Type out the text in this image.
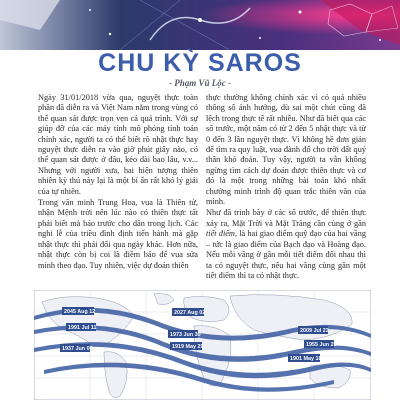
CHU KỲ SAROS
- Phạm Vũ Lộc -

Ngày 31/01/2018 vừa qua, nguyệt thực toàn phần đã diễn ra và Việt Nam nằm trong vùng có thể quan sát được trọn vẹn cả quá trình. Với sự giúp đỡ của các máy tính mô phỏng tính toán chính xác, người ta có thể biết rõ nhật thực hay nguyệt thực diễn ra vào giờ phút giây nào, có thể quan sát được ở đâu, kéo dài bao lâu, v.v... Nhưng với người xưa, hai hiện tượng thiên nhiên kỳ thú này lại là một bí ẩn rất khó lý giải của tự nhiên.

Trong văn minh Trung Hoa, vua là Thiên tử, nhận Mệnh trời nên lúc nào có thiên thực tất phải biết mà báo trước cho dân trong lịch. Các nghi lễ của triều đình định tiến hành mà gặp nhật thực thì phải đổi qua ngày khác. Hơn nữa, nhật thực còn bị coi là điềm báo để vua sửa mình theo đạo. Tuy nhiên, việc dự đoán thiên

thực thường không chính xác vì có quá nhiều thông số ảnh hưởng, dù sai một chút cũng đã lệch trong thực tế rất nhiều. Như đã biết qua các số trước, một năm có từ 2 đến 5 nhật thực và từ 0 đến 3 lần nguyệt thực. Vì không hề đơn giản để tìm ra quy luật, vua đành đổ cho trời đất quỷ thần khó đoán. Tuy vậy, người ta vẫn không ngừng tìm cách dự đoán được thiên thực và cơ đó là một trong những bài toán khó nhất chưởng minh trình độ quan trắc thiên văn của mình.

Như đã trình bày ở các số trước, để thiên thực xảy ra, Mặt Trời và Mặt Trăng cần cùng ở gần tiết điểm, là hai giao điểm quỹ đạo của hai vầng – tức là giao điểm của Bạch đạo và Hoàng đạo. Nếu mỗi vầng ở gần mỗi tiết điểm đối nhau thì ta có nguyệt thực, nếu hai vầng cùng gần một tiết điểm thì ta có nhật thực.

2045 Aug 12
1991 Jul 11
1937 Jun 08
2027 Aug 02
1973 Jun 30
1919 May 29
2009 Jul 22
1955 Jun 20
1901 May 18
